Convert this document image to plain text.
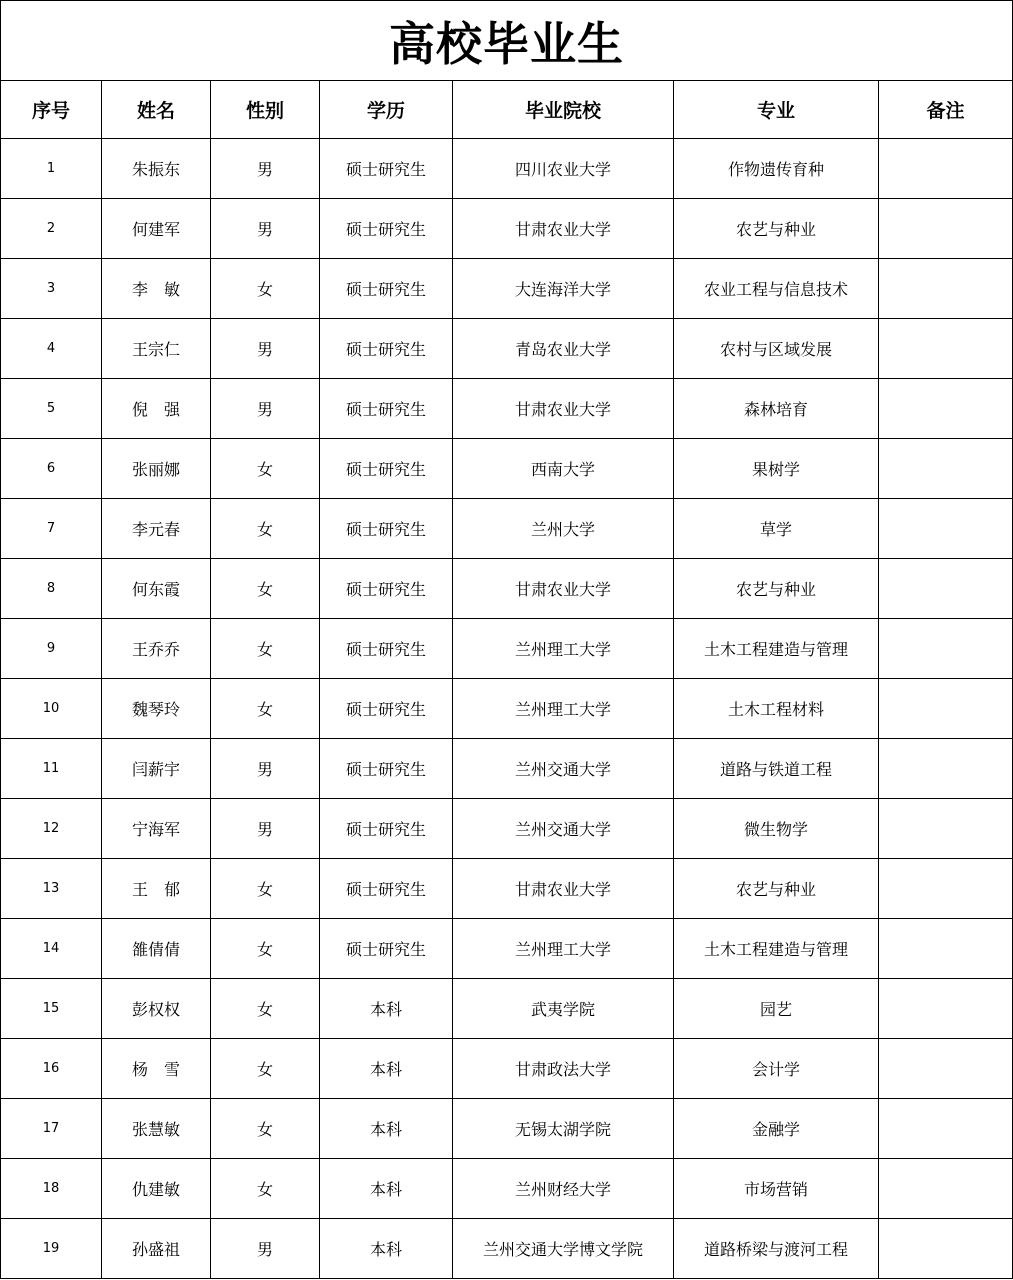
高校毕业生						
序号	姓名	性别	学历	毕业院校	专业	备注
1	朱振东	男	硕士研究生	四川农业大学	作物遗传育种	
2	何建军	男	硕士研究生	甘肃农业大学	农艺与种业	
3	李　敏	女	硕士研究生	大连海洋大学	农业工程与信息技术	
4	王宗仁	男	硕士研究生	青岛农业大学	农村与区域发展	
5	倪　强	男	硕士研究生	甘肃农业大学	森林培育	
6	张丽娜	女	硕士研究生	西南大学	果树学	
7	李元春	女	硕士研究生	兰州大学	草学	
8	何东霞	女	硕士研究生	甘肃农业大学	农艺与种业	
9	王乔乔	女	硕士研究生	兰州理工大学	土木工程建造与管理	
10	魏琴玲	女	硕士研究生	兰州理工大学	土木工程材料	
11	闫薪宇	男	硕士研究生	兰州交通大学	道路与铁道工程	
12	宁海军	男	硕士研究生	兰州交通大学	微生物学	
13	王　郁	女	硕士研究生	甘肃农业大学	农艺与种业	
14	雒倩倩	女	硕士研究生	兰州理工大学	土木工程建造与管理	
15	彭权权	女	本科	武夷学院	园艺	
16	杨　雪	女	本科	甘肃政法大学	会计学	
17	张慧敏	女	本科	无锡太湖学院	金融学	
18	仇建敏	女	本科	兰州财经大学	市场营销	
19	孙盛祖	男	本科	兰州交通大学博文学院	道路桥梁与渡河工程	
